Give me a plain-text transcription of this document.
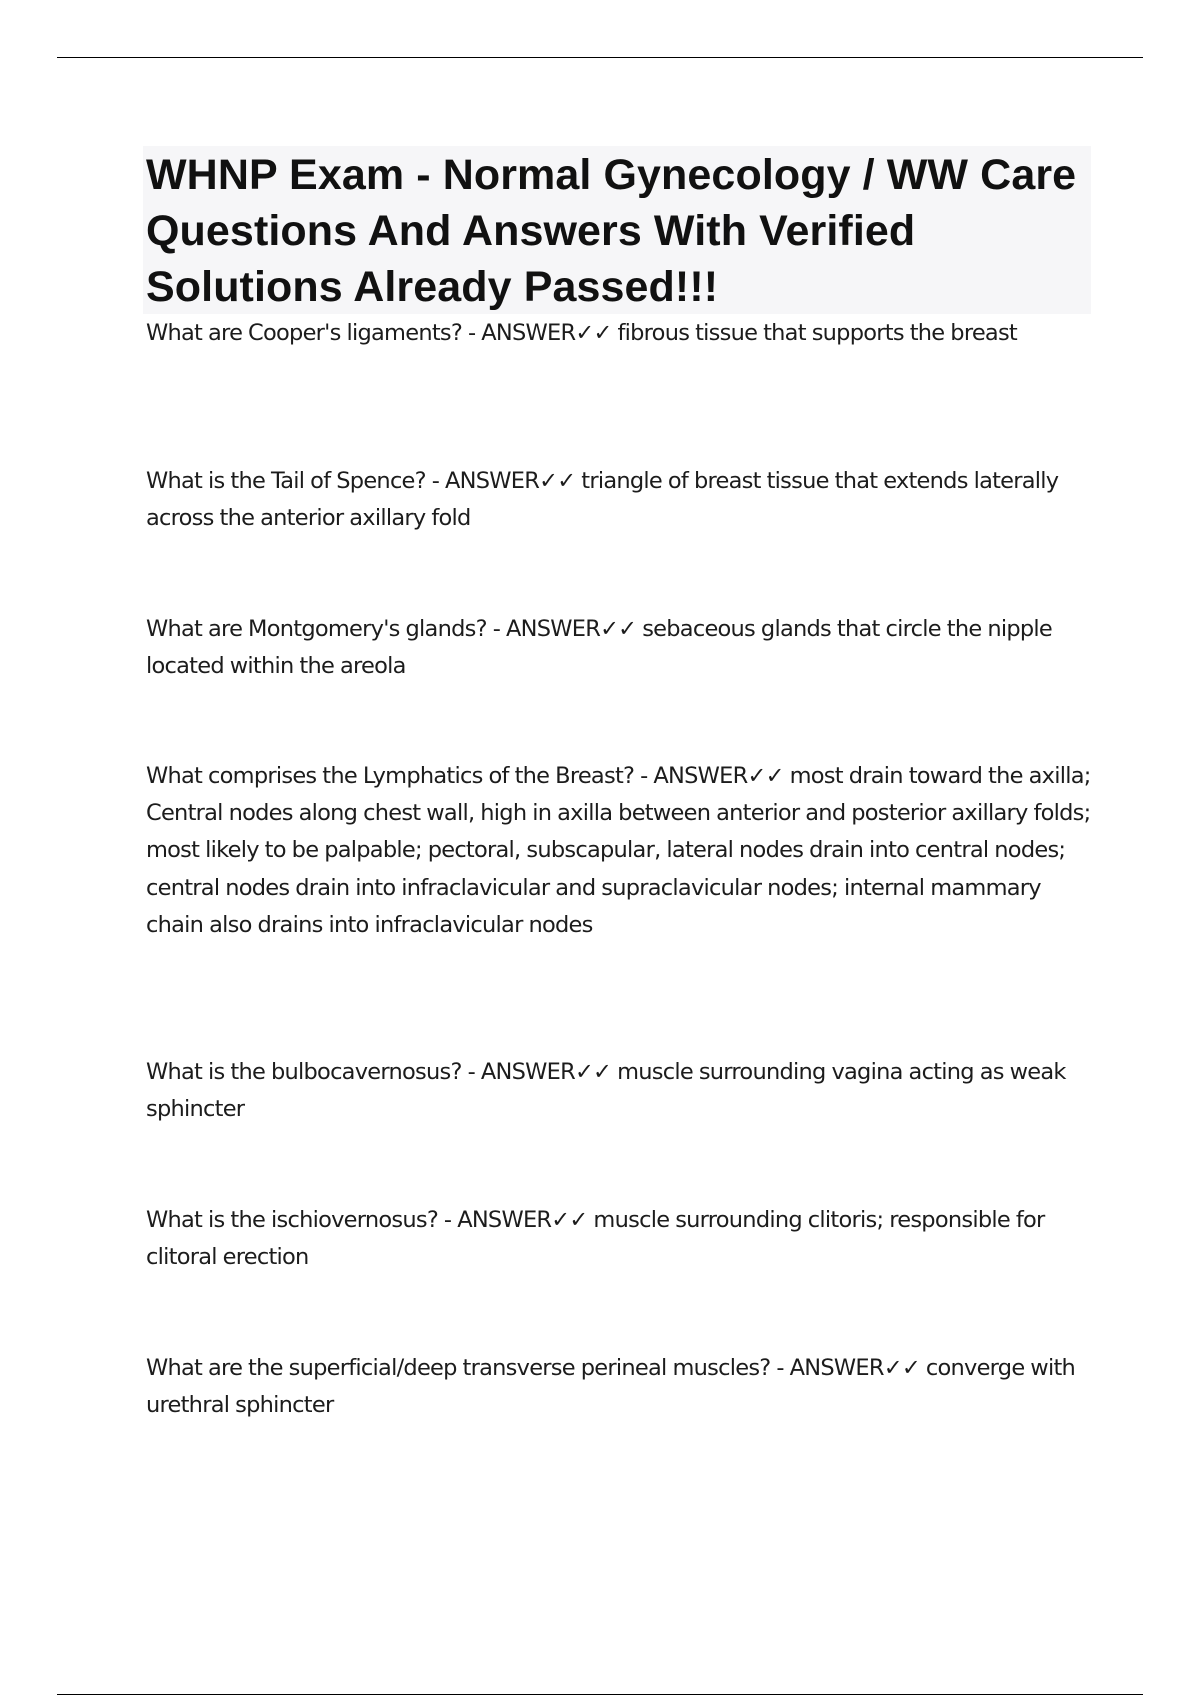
WHNP Exam - Normal Gynecology / WW Care Questions And Answers With Verified Solutions Already Passed!!!

What are Cooper's ligaments? - ANSWER✓✓ fibrous tissue that supports the breast

What is the Tail of Spence? - ANSWER✓✓ triangle of breast tissue that extends laterally across the anterior axillary fold

What are Montgomery's glands? - ANSWER✓✓ sebaceous glands that circle the nipple located within the areola

What comprises the Lymphatics of the Breast? - ANSWER✓✓ most drain toward the axilla; Central nodes along chest wall, high in axilla between anterior and posterior axillary folds; most likely to be palpable; pectoral, subscapular, lateral nodes drain into central nodes; central nodes drain into infraclavicular and supraclavicular nodes; internal mammary chain also drains into infraclavicular nodes

What is the bulbocavernosus? - ANSWER✓✓ muscle surrounding vagina acting as weak sphincter

What is the ischiovernosus? - ANSWER✓✓ muscle surrounding clitoris; responsible for clitoral erection

What are the superficial/deep transverse perineal muscles? - ANSWER✓✓ converge with urethral sphincter
